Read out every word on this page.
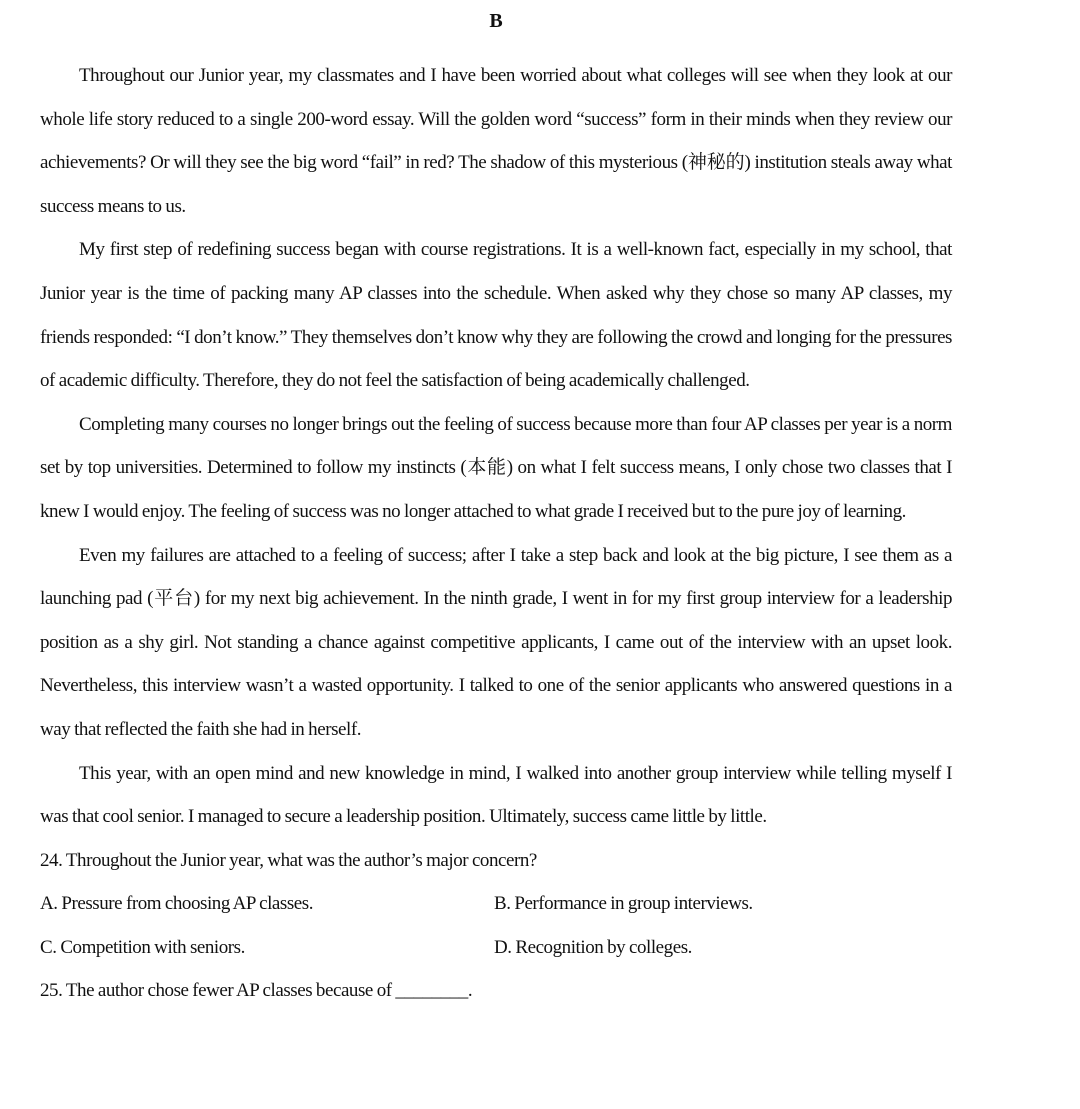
B

Throughout our Junior year, my classmates and I have been worried about what colleges will see when they look at our whole life story reduced to a single 200-word essay. Will the golden word “success” form in their minds when they review our achievements? Or will they see the big word “fail” in red? The shadow of this mysterious (神秘的) institution steals away what success means to us.

My first step of redefining success began with course registrations. It is a well-known fact, especially in my school, that Junior year is the time of packing many AP classes into the schedule. When asked why they chose so many AP classes, my friends responded: “I don’t know.” They themselves don’t know why they are following the crowd and longing for the pressures of academic difficulty. Therefore, they do not feel the satisfaction of being academically challenged.

Completing many courses no longer brings out the feeling of success because more than four AP classes per year is a norm set by top universities. Determined to follow my instincts (本能) on what I felt success means, I only chose two classes that I knew I would enjoy. The feeling of success was no longer attached to what grade I received but to the pure joy of learning.

Even my failures are attached to a feeling of success; after I take a step back and look at the big picture, I see them as a launching pad (平台) for my next big achievement. In the ninth grade, I went in for my first group interview for a leadership position as a shy girl. Not standing a chance against competitive applicants, I came out of the interview with an upset look. Nevertheless, this interview wasn’t a wasted opportunity. I talked to one of the senior applicants who answered questions in a way that reflected the faith she had in herself.

This year, with an open mind and new knowledge in mind, I walked into another group interview while telling myself I was that cool senior. I managed to secure a leadership position. Ultimately, success came little by little.

24. Throughout the Junior year, what was the author’s major concern?

A. Pressure from choosing AP classes.	B. Performance in group interviews.
C. Competition with seniors.	D. Recognition by colleges.

25. The author chose fewer AP classes because of ________.
